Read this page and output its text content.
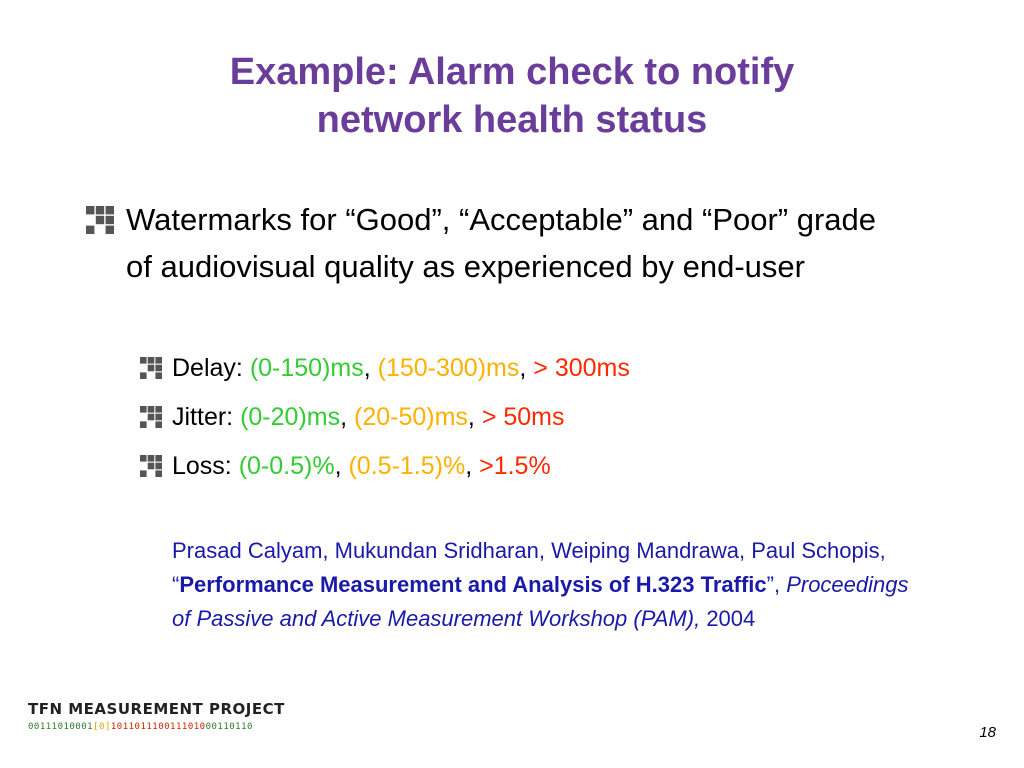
Example: Alarm check to notify
network health status
Watermarks for “Good”, “Acceptable” and “Poor” grade of audiovisual quality as experienced by end-user
Delay: (0-150)ms, (150-300)ms, > 300ms
Jitter: (0-20)ms, (20-50)ms, > 50ms
Loss: (0-0.5)%, (0.5-1.5)%, >1.5%
Prasad Calyam, Mukundan Sridharan, Weiping Mandrawa, Paul Schopis, “Performance Measurement and Analysis of H.323 Traffic”, Proceedings of Passive and Active Measurement Workshop (PAM), 2004
TFN MEASUREMENT PROJECT
00111010001[0]101101110011101000110110	18
